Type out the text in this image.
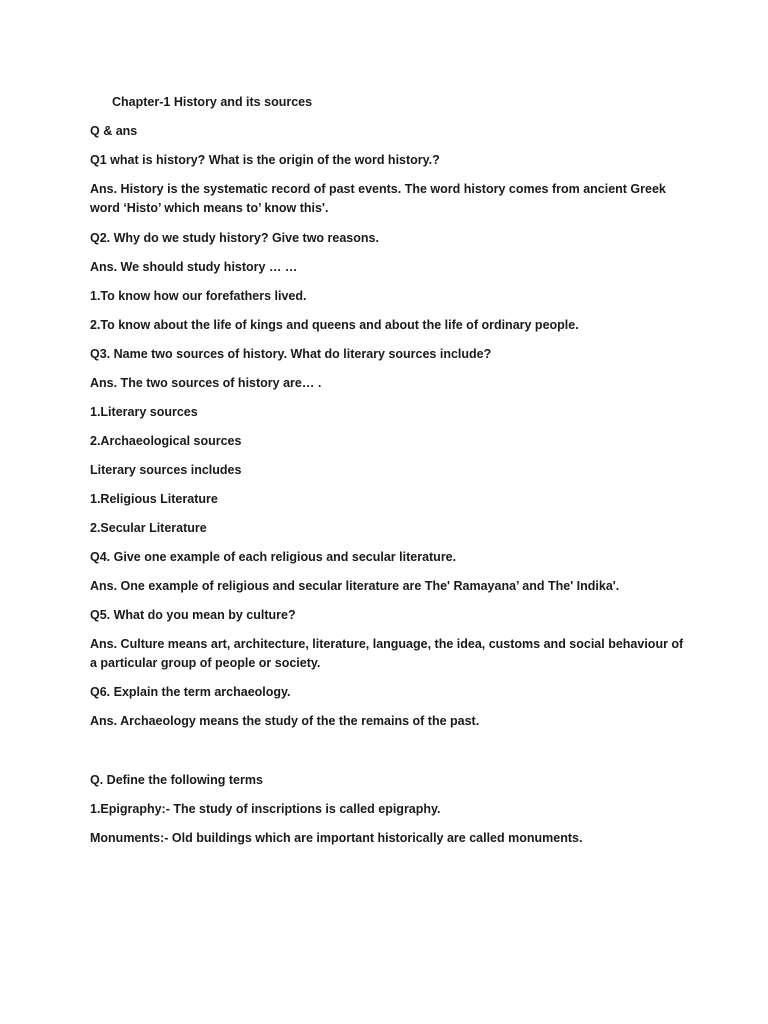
Chapter-1 History and its sources

Q & ans

Q1 what is history? What is the origin of the word history.?

Ans. History is the systematic record of past events. The word history comes from ancient Greek word ‘Histo’ which means to’ know this'.

Q2. Why do we study history? Give two reasons.

Ans. We should study history … …

1.To know how our forefathers lived.

2.To know about the life of kings and queens and about the life of ordinary people.

Q3. Name two sources of history. What do literary sources include?

Ans. The two sources of history are… .

1.Literary sources

2.Archaeological sources

Literary sources includes

1.Religious Literature

2.Secular Literature

Q4. Give one example of each religious and secular literature.

Ans. One example of religious and secular literature are The' Ramayana’ and The' Indika'.

Q5. What do you mean by culture?

Ans. Culture means art, architecture, literature, language, the idea, customs and social behaviour of a particular group of people or society.

Q6. Explain the term archaeology.

Ans. Archaeology means the study of the the remains of the past.

Q. Define the following terms

1.Epigraphy:- The study of inscriptions is called epigraphy.

Monuments:- Old buildings which are important historically are called monuments.
